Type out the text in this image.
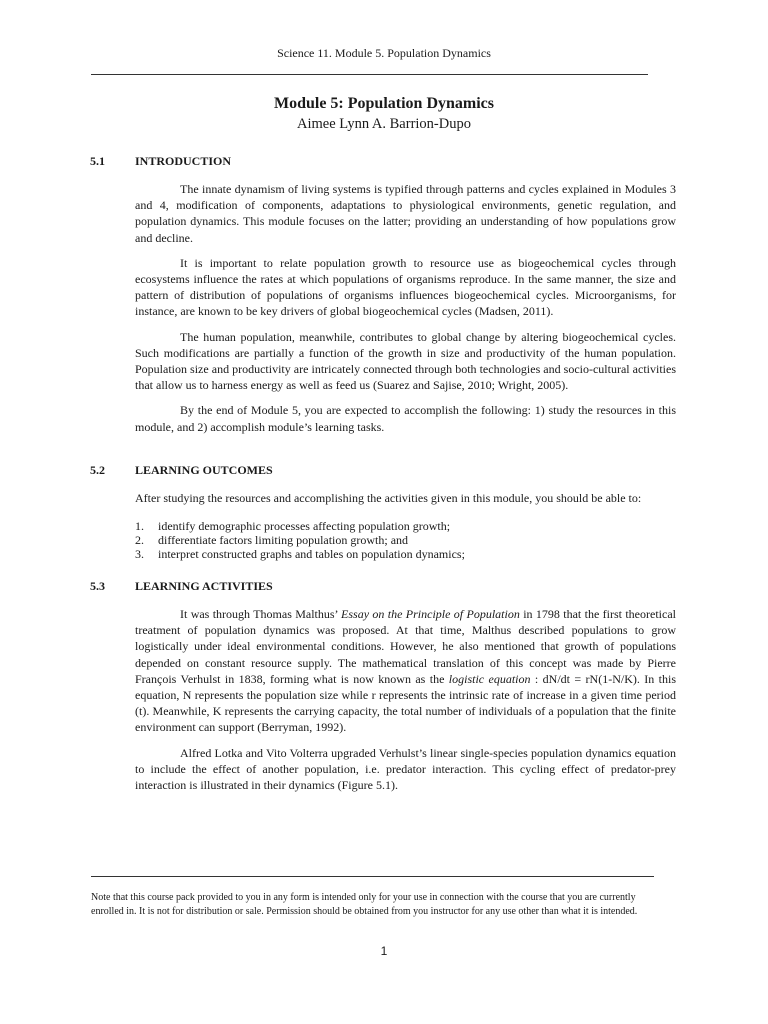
Science 11. Module 5. Population Dynamics

Module 5: Population Dynamics

Aimee Lynn A. Barrion-Dupo

5.1	INTRODUCTION

The innate dynamism of living systems is typified through patterns and cycles explained in Modules 3 and 4, modification of components, adaptations to physiological environments, genetic regulation, and population dynamics. This module focuses on the latter; providing an understanding of how populations grow and decline.

It is important to relate population growth to resource use as biogeochemical cycles through ecosystems influence the rates at which populations of organisms reproduce. In the same manner, the size and pattern of distribution of populations of organisms influences biogeochemical cycles. Microorganisms, for instance, are known to be key drivers of global biogeochemical cycles (Madsen, 2011).

The human population, meanwhile, contributes to global change by altering biogeochemical cycles. Such modifications are partially a function of the growth in size and productivity of the human population. Population size and productivity are intricately connected through both technologies and socio-cultural activities that allow us to harness energy as well as feed us (Suarez and Sajise, 2010; Wright, 2005).

By the end of Module 5, you are expected to accomplish the following: 1) study the resources in this module, and 2) accomplish module’s learning tasks.

5.2	LEARNING OUTCOMES

After studying the resources and accomplishing the activities given in this module, you should be able to:

1. identify demographic processes affecting population growth;
2. differentiate factors limiting population growth; and
3. interpret constructed graphs and tables on population dynamics;
5.3	LEARNING ACTIVITIES

It was through Thomas Malthus’ Essay on the Principle of Population in 1798 that the first theoretical treatment of population dynamics was proposed. At that time, Malthus described populations to grow logistically under ideal environmental conditions. However, he also mentioned that growth of populations depended on constant resource supply. The mathematical translation of this concept was made by Pierre François Verhulst in 1838, forming what is now known as the logistic equation : dN/dt = rN(1-N/K). In this equation, N represents the population size while r represents the intrinsic rate of increase in a given time period (t). Meanwhile, K represents the carrying capacity, the total number of individuals of a population that the finite environment can support (Berryman, 1992).

Alfred Lotka and Vito Volterra upgraded Verhulst’s linear single-species population dynamics equation to include the effect of another population, i.e. predator interaction. This cycling effect of predator-prey interaction is illustrated in their dynamics (Figure 5.1).

Note that this course pack provided to you in any form is intended only for your use in connection with the course that you are currently enrolled in. It is not for distribution or sale. Permission should be obtained from you instructor for any use other than what it is intended.
1
